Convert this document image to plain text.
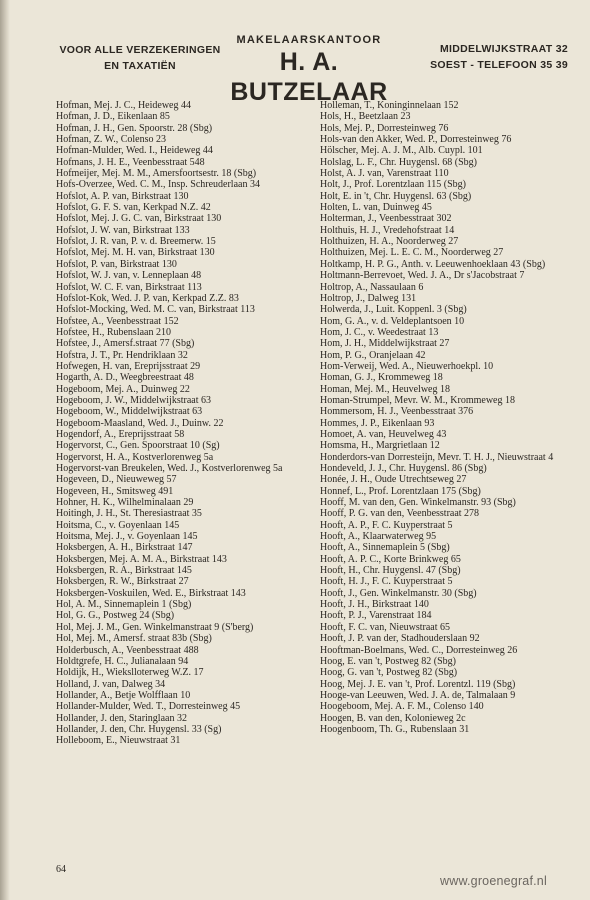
VOOR ALLE VERZEKERINGEN
EN TAXATIËN
MAKELAARSKANTOOR
H. A. BUTZELAAR
MIDDELWIJKSTRAAT 32
SOEST - TELEFOON 35 39
Hofman, Mej. J. C., Heideweg 44
Hofman, J. D., Eikenlaan 85
Hofman, J. H., Gen. Spoorstr. 28 (Sbg)
Hofman, Z. W., Colenso 23
Hofman-Mulder, Wed. I., Heideweg 44
Hofmans, J. H. E., Veenbesstraat 548
Hofmeijer, Mej. M. M., Amersfoortsestr. 18 (Sbg)
Hofs-Overzee, Wed. C. M., Insp. Schreuderlaan 34
Hofslot, A. P. van, Birkstraat 130
Hofslot, G. F. S. van, Kerkpad N.Z. 42
Hofslot, Mej. J. G. C. van, Birkstraat 130
Hofslot, J. W. van, Birkstraat 133
Hofslot, J. R. van, P. v. d. Breemerw. 15
Hofslot, Mej. M. H. van, Birkstraat 130
Hofslot, P. van, Birkstraat 130
Hofslot, W. J. van, v. Lenneplaan 48
Hofslot, W. C. F. van, Birkstraat 113
Hofslot-Kok, Wed. J. P. van, Kerkpad Z.Z. 83
Hofslot-Mocking, Wed. M. C. van, Birkstraat 113
Hofstee, A., Veenbesstraat 152
Hofstee, H., Rubenslaan 210
Hofstee, J., Amersf.straat 77 (Sbg)
Hofstra, J. T., Pr. Hendriklaan 32
Hofwegen, H. van, Ereprijsstraat 29
Hogarth, A. D., Weegbreestraat 48
Hogeboom, Mej. A., Duinweg 22
Hogeboom, J. W., Middelwijkstraat 63
Hogeboom, W., Middelwijkstraat 63
Hogeboom-Maasland, Wed. J., Duinw. 22
Hogendorf, A., Ereprijsstraat 58
Hogervorst, C., Gen. Spoorstraat 10 (Sg)
Hogervorst, H. A., Kostverlorenweg 5a
Hogervorst-van Breukelen, Wed. J., Kostverlorenweg 5a
Hogeveen, D., Nieuweweg 57
Hogeveen, H., Smitsweg 491
Hohner, H. K., Wilhelminalaan 29
Hoitingh, J. H., St. Theresiastraat 35
Hoitsma, C., v. Goyenlaan 145
Hoitsma, Mej. J., v. Goyenlaan 145
Hoksbergen, A. H., Birkstraat 147
Hoksbergen, Mej. A. M. A., Birkstraat 143
Hoksbergen, R. A., Birkstraat 145
Hoksbergen, R. W., Birkstraat 27
Hoksbergen-Voskuilen, Wed. E., Birkstraat 143
Hol, A. M., Sinnemaplein 1 (Sbg)
Hol, G. G., Postweg 24 (Sbg)
Hol, Mej. J. M., Gen. Winkelmanstraat 9 (S'berg)
Hol, Mej. M., Amersf. straat 83b (Sbg)
Holderbusch, A., Veenbesstraat 488
Holdtgrefe, H. C., Julianalaan 94
Holdijk, H., Wiekslloterweg W.Z. 17
Holland, J. van, Dalweg 34
Hollander, A., Betje Wolfflaan 10
Hollander-Mulder, Wed. T., Dorresteinweg 45
Hollander, J. den, Staringlaan 32
Hollander, J. den, Chr. Huygensl. 33 (Sg)
Holleboom, E., Nieuwstraat 31
Holleman, T., Koninginnelaan 152
Hols, H., Beetzlaan 23
Hols, Mej. P., Dorresteinweg 76
Hols-van den Akker, Wed. P., Dorresteinweg 76
Hölscher, Mej. A. J. M., Alb. Cuypl. 101
Holslag, L. F., Chr. Huygensl. 68 (Sbg)
Holst, A. J. van, Varenstraat 110
Holt, J., Prof. Lorentzlaan 115 (Sbg)
Holt, E. in 't, Chr. Huygensl. 63 (Sbg)
Holten, L. van, Duinweg 45
Holterman, J., Veenbesstraat 302
Holthuis, H. J., Vredehofstraat 14
Holthuizen, H. A., Noorderweg 27
Holthuizen, Mej. L. E. C. M., Noorderweg 27
Holtkamp, H. P. G., Anth. v. Leeuwenhoeklaan 43 (Sbg)
Holtmann-Berrevoet, Wed. J. A., Dr s'Jacobstraat 7
Holtrop, A., Nassaulaan 6
Holtrop, J., Dalweg 131
Holwerda, J., Luit. Koppenl. 3 (Sbg)
Hom, G. A., v. d. Veldeplantsoen 10
Hom, J. C., v. Weedestraat 13
Hom, J. H., Middelwijkstraat 27
Hom, P. G., Oranjelaan 42
Hom-Verweij, Wed. A., Nieuwerhoekpl. 10
Homan, G. J., Krommeweg 18
Homan, Mej. M., Heuvelweg 18
Homan-Strumpel, Mevr. W. M., Krommeweg 18
Hommersom, H. J., Veenbesstraat 376
Hommes, J. P., Eikenlaan 93
Homoet, A. van, Heuvelweg 43
Homsma, H., Margrietlaan 12
Honderdors-van Dorresteijn, Mevr. T. H. J., Nieuwstraat 4
Hondeveld, J. J., Chr. Huygensl. 86 (Sbg)
Honée, J. H., Oude Utrechtseweg 27
Honnef, L., Prof. Lorentzlaan 175 (Sbg)
Hooff, M. van den, Gen. Winkelmanstr. 93 (Sbg)
Hooff, P. G. van den, Veenbesstraat 278
Hooft, A. P., F. C. Kuyperstraat 5
Hooft, A., Klaarwaterweg 95
Hooft, A., Sinnemaplein 5 (Sbg)
Hooft, A. P. C., Korte Brinkweg 65
Hooft, H., Chr. Huygensl. 47 (Sbg)
Hooft, H. J., F. C. Kuyperstraat 5
Hooft, J., Gen. Winkelmanstr. 30 (Sbg)
Hooft, J. H., Birkstraat 140
Hooft, P. J., Varenstraat 184
Hooft, F. C. van, Nieuwstraat 65
Hooft, J. P. van der, Stadhouderslaan 92
Hooftman-Boelmans, Wed. C., Dorresteinweg 26
Hoog, E. van 't, Postweg 82 (Sbg)
Hoog, G. van 't, Postweg 82 (Sbg)
Hoog, Mej. J. E. van 't, Prof. Lorentzl. 119 (Sbg)
Hooge-van Leeuwen, Wed. J. A. de, Talmalaan 9
Hoogeboom, Mej. A. F. M., Colenso 140
Hoogen, B. van den, Kolonieweg 2c
Hoogenboom, Th. G., Rubenslaan 31
64
www.groenegraf.nl
